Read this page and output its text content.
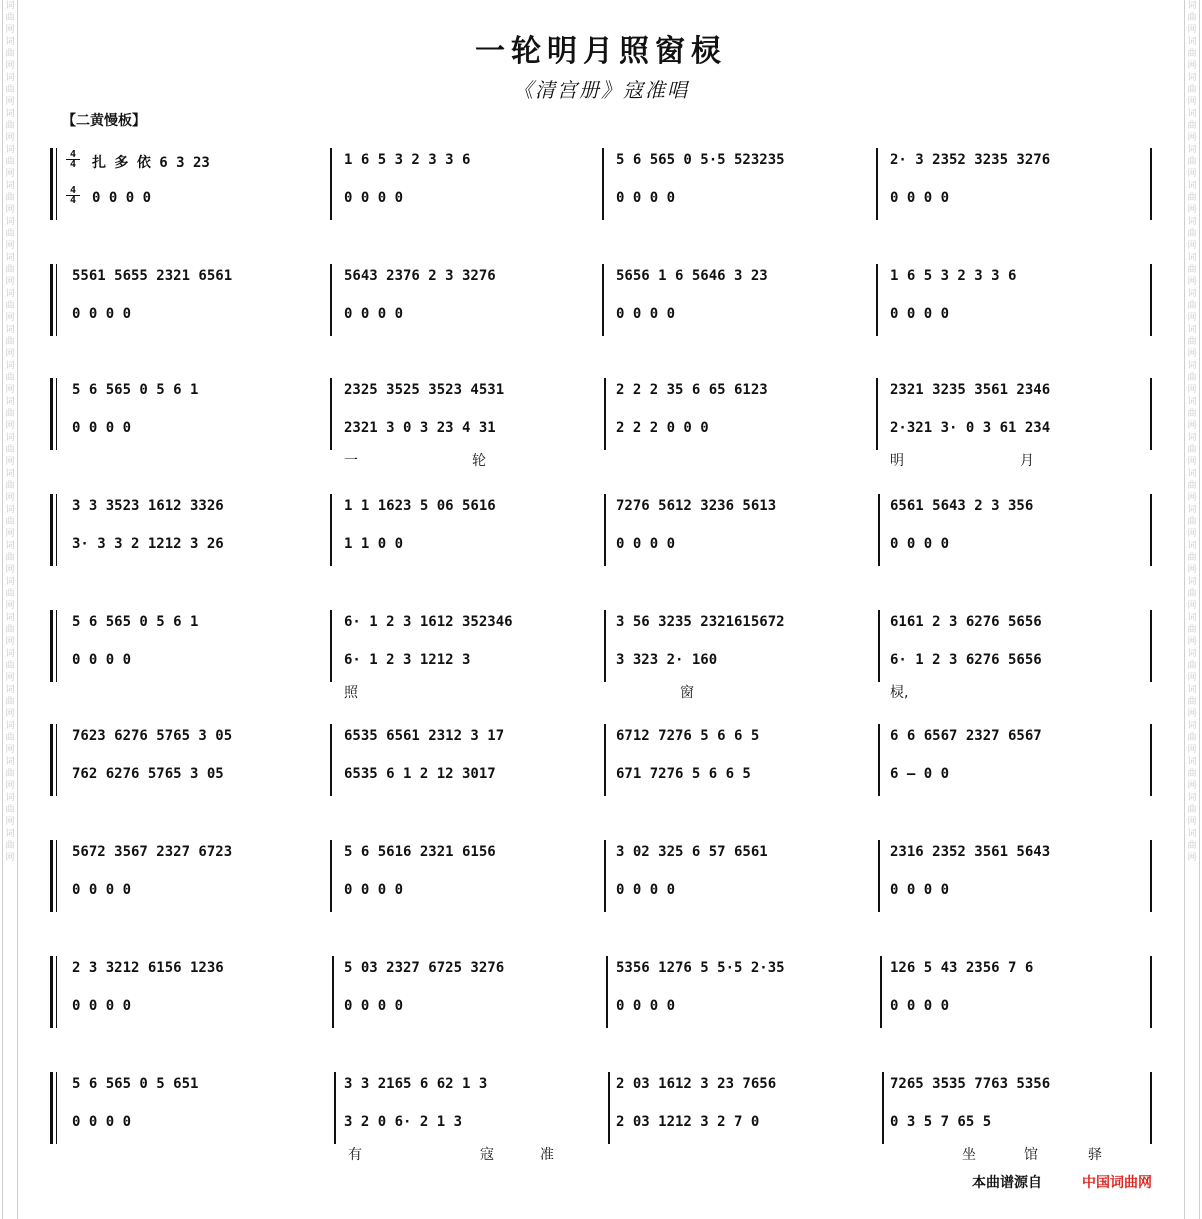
词曲网 词曲网 词曲网 词曲网 词曲网 词曲网 词曲网 词曲网 词曲网 词曲网 词曲网 词曲网 词曲网 词曲网 词曲网 词曲网 词曲网 词曲网 词曲网 词曲网 词曲网 词曲网 词曲网 词曲网
词曲网 词曲网 词曲网 词曲网 词曲网 词曲网 词曲网 词曲网 词曲网 词曲网 词曲网 词曲网 词曲网 词曲网 词曲网 词曲网 词曲网 词曲网 词曲网 词曲网 词曲网 词曲网 词曲网 词曲网
一轮明月照窗棂
《清宫册》寇准唱
【二黄慢板】
4
4
4
4
扎 多 依 6 3 23	1 6 5 3 2 3 3 6	5 6 565 0 5·5 523235	2· 3 2352 3235 3276
0 0 0 0	0 0 0 0	0 0 0 0	0 0 0 0
5561 5655 2321 6561	5643 2376 2 3 3276	5656 1 6 5646 3 23	1 6 5 3 2 3 3 6
0 0 0 0	0 0 0 0	0 0 0 0	0 0 0 0
5 6 565 0 5 6 1	2325 3525 3523 4531	2 2 2 35 6 65 6123	2321 3235 3561 2346
0 0 0 0	2321 3 0 3 23 4 31	2 2 2 0 0 0	2·321 3· 0 3 61 234
一	轮	明	月
3 3 3523 1612 3326	1 1 1623 5 06 5616	7276 5612 3236 5613	6561 5643 2 3 356
3· 3 3 2 1212 3 26	1 1 0 0	0 0 0 0	0 0 0 0
5 6 565 0 5 6 1	6· 1 2 3 1612 352346	3 56 3235 2321615672	6161 2 3 6276 5656
0 0 0 0	6· 1 2 3 1212 3	3 323 2· 160	6· 1 2 3 6276 5656
照	窗	棂,
7623 6276 5765 3 05	6535 6561 2312 3 17	6712 7276 5 6 6 5	6 6 6567 2327 6567
762 6276 5765 3 05	6535 6 1 2 12 3017	671 7276 5 6 6 5	6 — 0 0
5672 3567 2327 6723	5 6 5616 2321 6156	3 02 325 6 57 6561	2316 2352 3561 5643
0 0 0 0	0 0 0 0	0 0 0 0	0 0 0 0
2 3 3212 6156 1236	5 03 2327 6725 3276	5356 1276 5 5·5 2·35	126 5 43 2356 7 6
0 0 0 0	0 0 0 0	0 0 0 0	0 0 0 0
5 6 565 0 5 651	3 3 2165 6 62 1 3	2 03 1612 3 23 7656	7265 3535 7763 5356
0 0 0 0	3 2 0 6· 2 1 3	2 03 1212 3 2 7 0	0 3 5 7 65 5
有	寇	准	坐	馆	驿
本曲谱源自	中国词曲网
